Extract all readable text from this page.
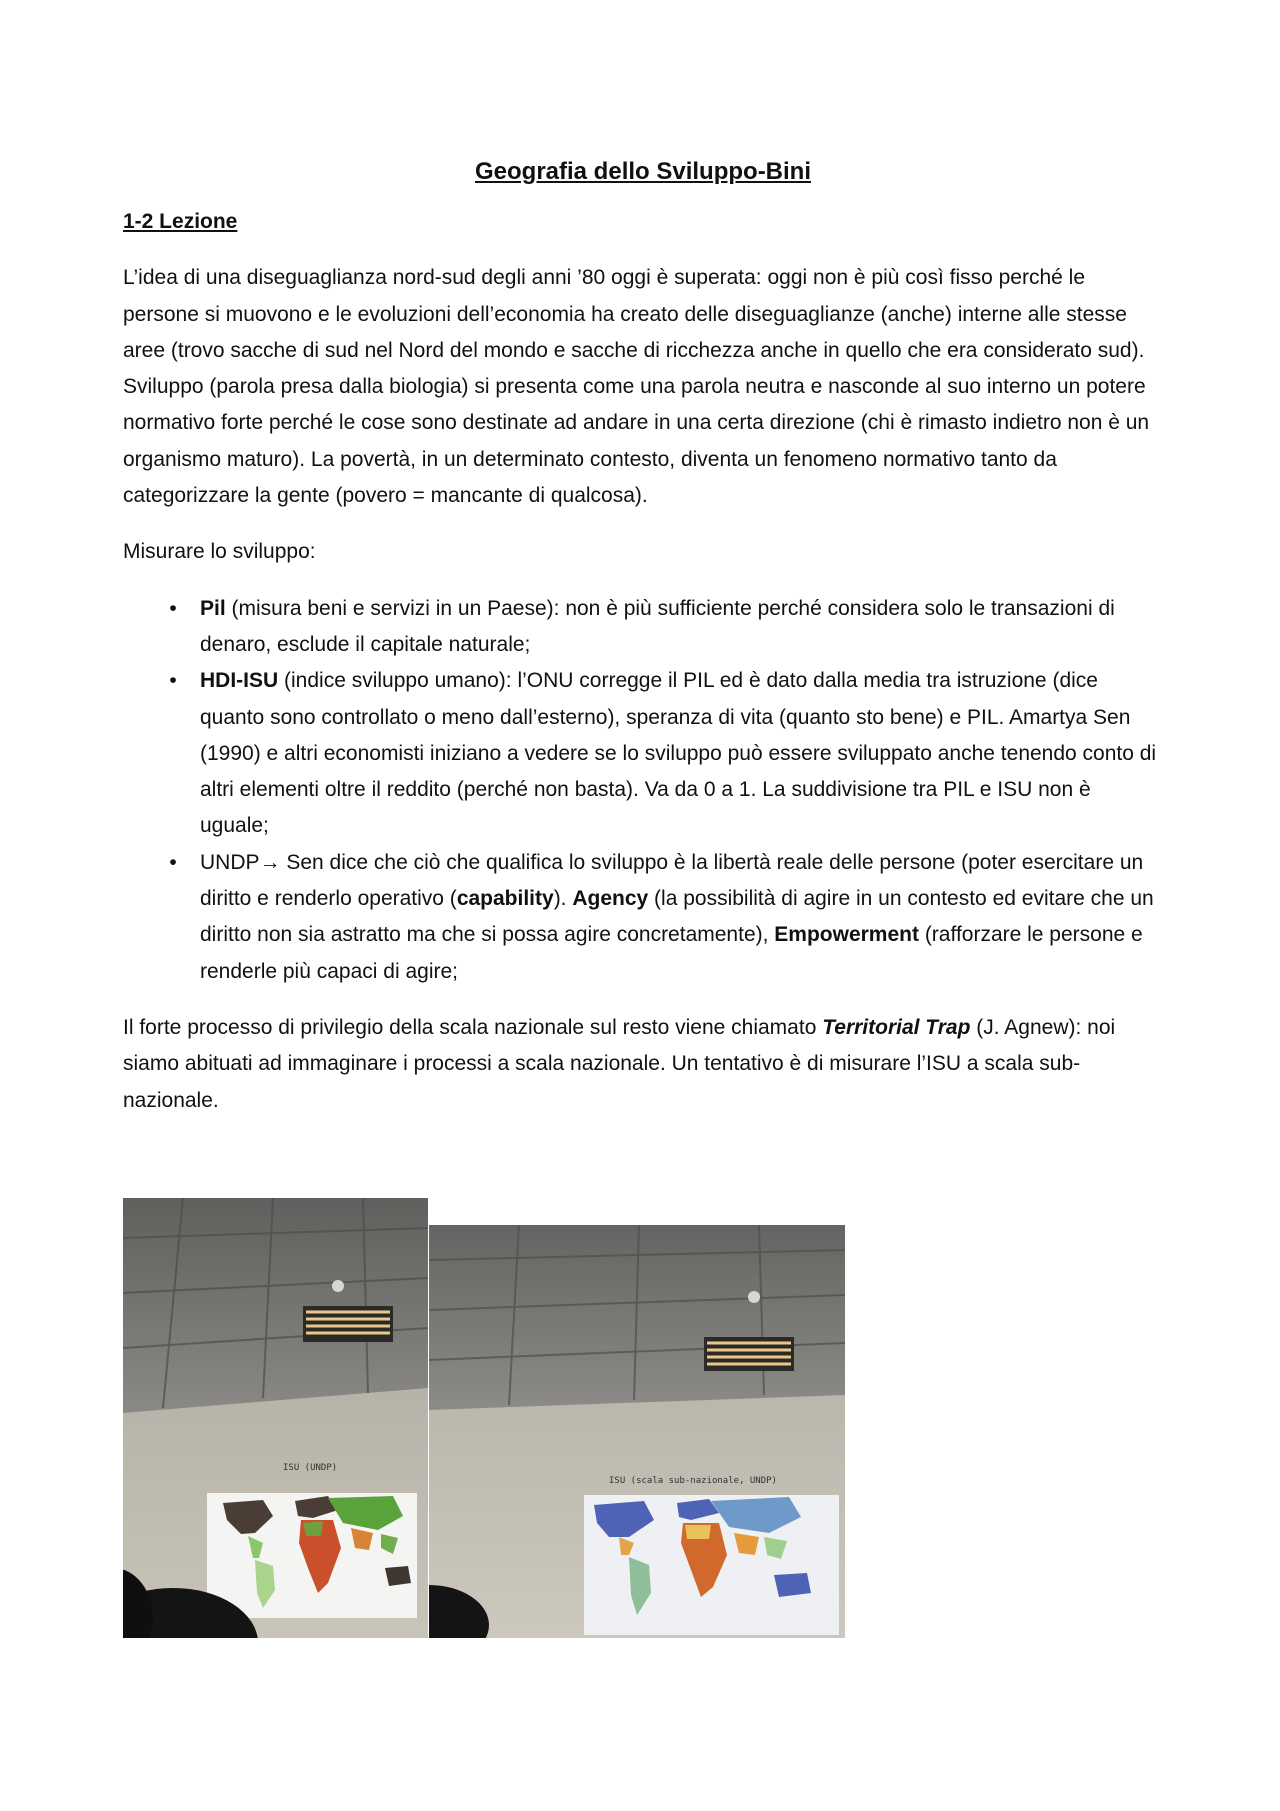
Geografia dello Sviluppo-Bini
1-2 Lezione

L’idea di una diseguaglianza nord-sud degli anni ’80 oggi è superata: oggi non è più così fisso perché le persone si muovono e le evoluzioni dell’economia ha creato delle diseguaglianze (anche) interne alle stesse aree (trovo sacche di sud nel Nord del mondo e sacche di ricchezza anche in quello che era considerato sud). Sviluppo (parola presa dalla biologia) si presenta come una parola neutra e nasconde al suo interno un potere normativo forte perché le cose sono destinate ad andare in una certa direzione (chi è rimasto indietro non è un organismo maturo). La povertà, in un determinato contesto, diventa un fenomeno normativo tanto da categorizzare la gente (povero = mancante di qualcosa).

Misurare lo sviluppo:

•	Pil (misura beni e servizi in un Paese): non è più sufficiente perché considera solo le transazioni di denaro, esclude il capitale naturale;
•	HDI-ISU (indice sviluppo umano): l’ONU corregge il PIL ed è dato dalla media tra istruzione (dice quanto sono controllato o meno dall’esterno), speranza di vita (quanto sto bene) e PIL. Amartya Sen (1990) e altri economisti iniziano a vedere se lo sviluppo può essere sviluppato anche tenendo conto di altri elementi oltre il reddito (perché non basta). Va da 0 a 1. La suddivisione tra PIL e ISU non è uguale;
•	UNDP→ Sen dice che ciò che qualifica lo sviluppo è la libertà reale delle persone (poter esercitare un diritto e renderlo operativo (capability). Agency (la possibilità di agire in un contesto ed evitare che un diritto non sia astratto ma che si possa agire concretamente), Empowerment (rafforzare le persone e renderle più capaci di agire;

Il forte processo di privilegio della scala nazionale sul resto viene chiamato Territorial Trap (J. Agnew): noi siamo abituati ad immaginare i processi a scala nazionale. Un tentativo è di misurare l’ISU a scala sub-nazionale.

ISU (UNDP)
ISU (scala sub-nazionale, UNDP)
